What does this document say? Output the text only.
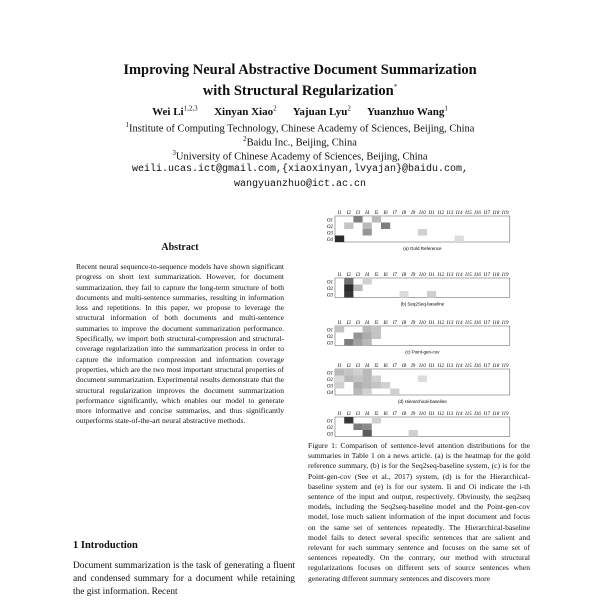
Improving Neural Abstractive Document Summarization
with Structural Regularization*
Wei Li$^{1,2,3}$ Xinyan Xiao$^2$ Yajuan Lyu$^2$ Yuanzhuo Wang$^1$
$^1$Institute of Computing Technology, Chinese Academy of Sciences, Beijing, China
$^2$Baidu Inc., Beijing, China
$^3$University of Chinese Academy of Sciences, Beijing, China
weili.ucas.ict@gmail.com,{xiaoxinyan,lvyajan}@baidu.com,
wangyuanzhuo@ict.ac.cn
Abstract
Recent neural sequence-to-sequence models have shown significant progress on short text summarization. However, for document summarization, they fail to capture the long-term structure of both documents and multi-sentence summaries, resulting in information loss and repetitions. In this paper, we propose to leverage the structural information of both documents and multi-sentence summaries to improve the document summarization performance. Specifically, we import both structural-compression and structural-coverage regularization into the summarization process in order to capture the information compression and information coverage properties, which are the two most important structural properties of document summarization. Experimental results demonstrate that the structural regularization improves the document summarization performance significantly, which enables our model to generate more informative and concise summaries, and thus significantly outperforms state-of-the-art neural abstractive methods.
1 Introduction
Document summarization is the task of generating a fluent and condensed summary for a document while retaining the gist information. Recent
I1 I2 I3 I4 I5 I6 I7 I8 I9 I10 I11 I12 I13 I14 I15 I16 I17 I18 I19
O1
O2
O3
O4
(a) Gold Reference
I1 I2 I3 I4 I5 I6 I7 I8 I9 I10 I11 I12 I13 I14 I15 I16 I17 I18 I19
O1
O2
O3
(b) Seq2Seq-baseline
I1 I2 I3 I4 I5 I6 I7 I8 I9 I10 I11 I12 I13 I14 I15 I16 I17 I18 I19
O1
O2
O3
(c) Point-gen-cov
I1 I2 I3 I4 I5 I6 I7 I8 I9 I10 I11 I12 I13 I14 I15 I16 I17 I18 I19
O1
O2
O3
O4
(d) Hierarchical-baseline
I1 I2 I3 I4 I5 I6 I7 I8 I9 I10 I11 I12 I13 I14 I15 I16 I17 I18 I19
O1
O2
O3
Figure 1: Comparison of sentence-level attention distributions for the summaries in Table 1 on a news article. (a) is the heatmap for the gold reference summary, (b) is for the Seq2seq-baseline system, (c) is for the Point-gen-cov (See et al., 2017) system, (d) is for the Hierarchical-baseline system and (e) is for our system. Ii and Oi indicate the i-th sentence of the input and output, respectively. Obviously, the seq2seq models, including the Seq2seq-baseline model and the Point-gen-cov model, lose much salient information of the input document and focus on the same set of sentences repeatedly. The Hierarchical-baseline model fails to detect several specific sentences that are salient and relevant for each summary sentence and focuses on the same set of sentences repeatedly. On the contrary, our method with structural regularizations focuses on different sets of source sentences when generating different summary sentences and discovers more
